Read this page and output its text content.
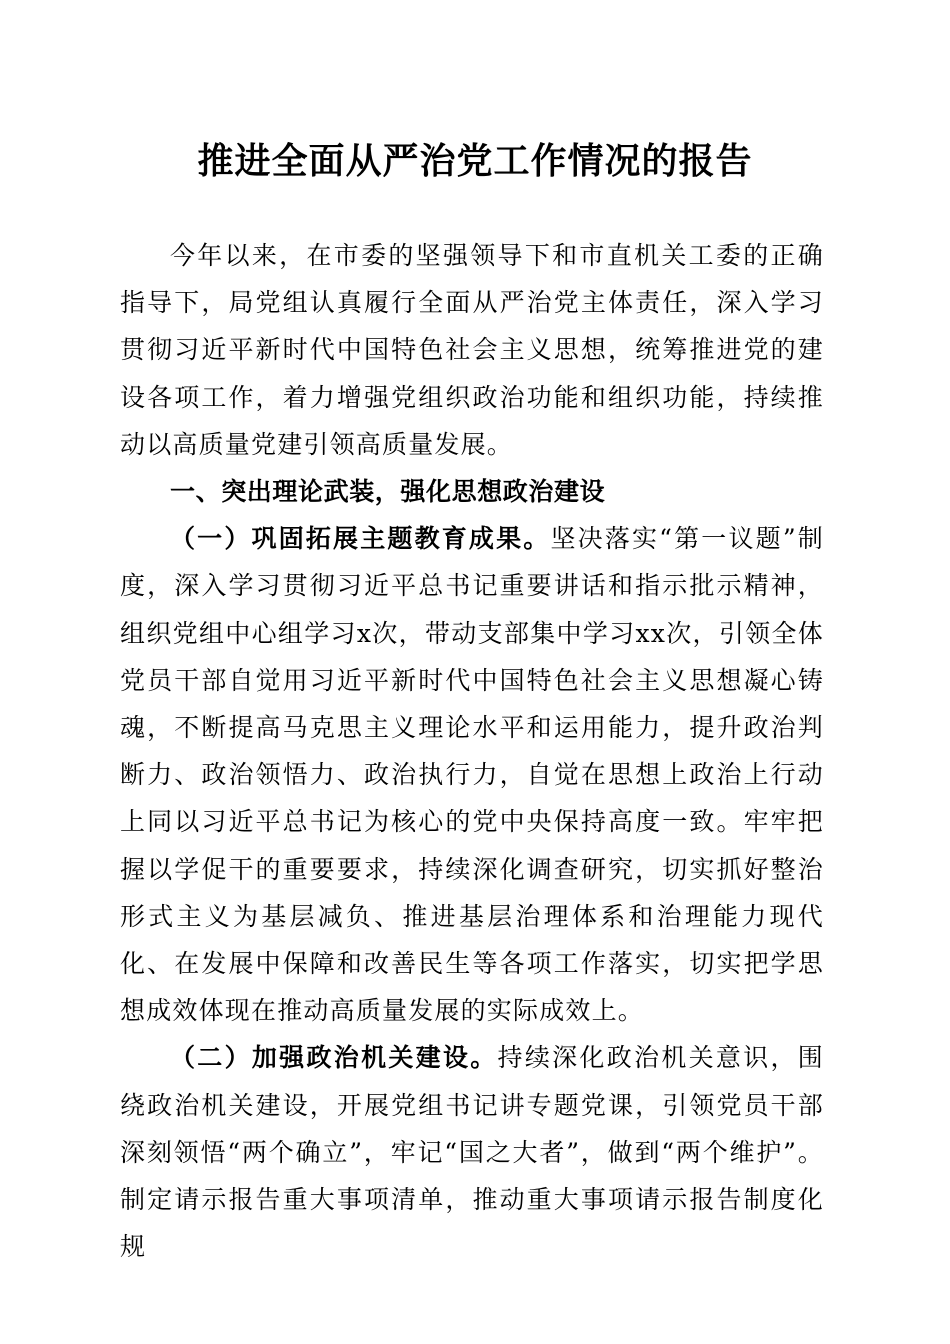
推进全面从严治党工作情况的报告

今年以来，在市委的坚强领导下和市直机关工委的正确指导下，局党组认真履行全面从严治党主体责任，深入学习贯彻习近平新时代中国特色社会主义思想，统筹推进党的建设各项工作，着力增强党组织政治功能和组织功能，持续推动以高质量党建引领高质量发展。

一、突出理论武装，强化思想政治建设

（一）巩固拓展主题教育成果。坚决落实“第一议题”制度，深入学习贯彻习近平总书记重要讲话和指示批示精神，组织党组中心组学习x次，带动支部集中学习xx次，引领全体党员干部自觉用习近平新时代中国特色社会主义思想凝心铸魂，不断提高马克思主义理论水平和运用能力，提升政治判断力、政治领悟力、政治执行力，自觉在思想上政治上行动上同以习近平总书记为核心的党中央保持高度一致。牢牢把握以学促干的重要要求，持续深化调查研究，切实抓好整治形式主义为基层减负、推进基层治理体系和治理能力现代化、在发展中保障和改善民生等各项工作落实，切实把学思想成效体现在推动高质量发展的实际成效上。

（二）加强政治机关建设。持续深化政治机关意识，围绕政治机关建设，开展党组书记讲专题党课，引领党员干部深刻领悟“两个确立”，牢记“国之大者”，做到“两个维护”。制定请示报告重大事项清单，推动重大事项请示报告制度化规
